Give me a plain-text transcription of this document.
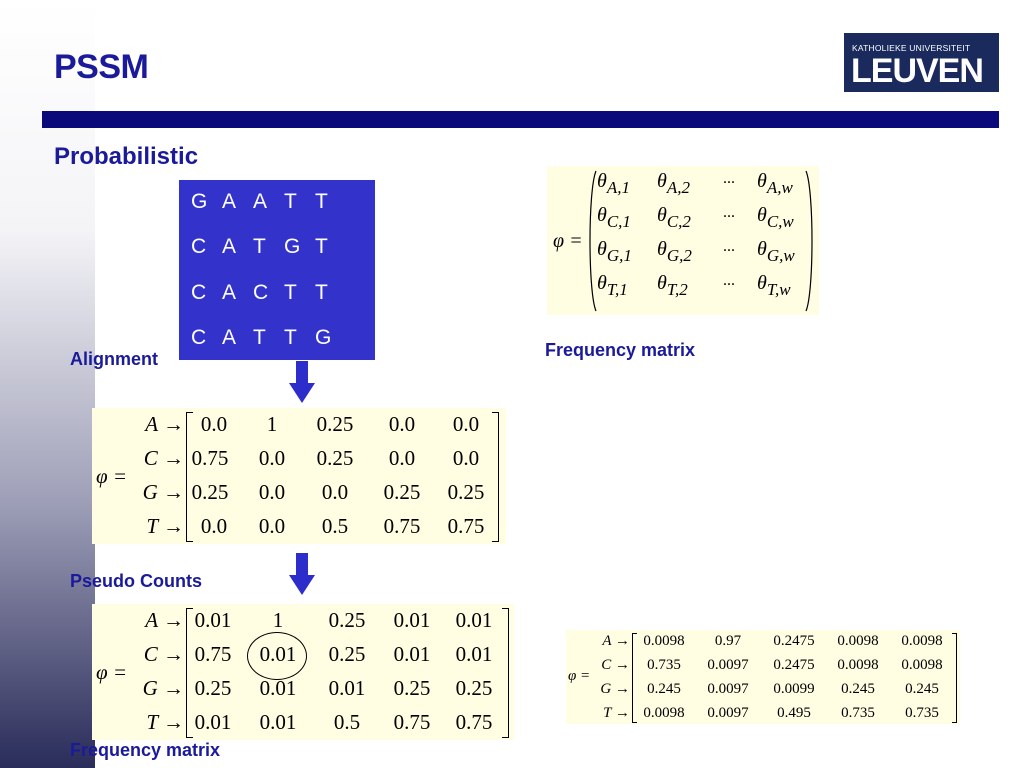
PSSM	KATHOLIEKE UNIVERSITEIT
LEUVEN
Probabilistic
G A A T T
C A T G T
C A C T T
C A T T G
Alignment
φ =
$\theta_{A,1}$ $\theta_{A,2}$ ... $\theta_{A,w}$
$\theta_{C,1}$ $\theta_{C,2}$ ... $\theta_{C,w}$
$\theta_{G,1}$ $\theta_{G,2}$ ... $\theta_{G,w}$
$\theta_{T,1}$ $\theta_{T,2}$ ... $\theta_{T,w}$
Frequency matrix
φ =
A → 0.0	1	0.25	0.0	0.0
C → 0.75	0.0	0.25	0.0	0.0
G → 0.25	0.0	0.0	0.25	0.25
T → 0.0	0.0	0.5	0.75	0.75
Pseudo Counts
φ =
A → 0.01	1	0.25	0.01	0.01
C → 0.75	0.01	0.25	0.01	0.01
G → 0.25	0.01	0.01	0.25	0.25
T → 0.01	0.01	0.5	0.75	0.75
Frequency matrix
φ =
A → 0.0098	0.97	0.2475	0.0098	0.0098
C →	0.735	0.0097	0.2475	0.0098	0.0098
G →	0.245	0.0097	0.0099	0.245	0.245
T → 0.0098	0.0097	0.495	0.735	0.735
